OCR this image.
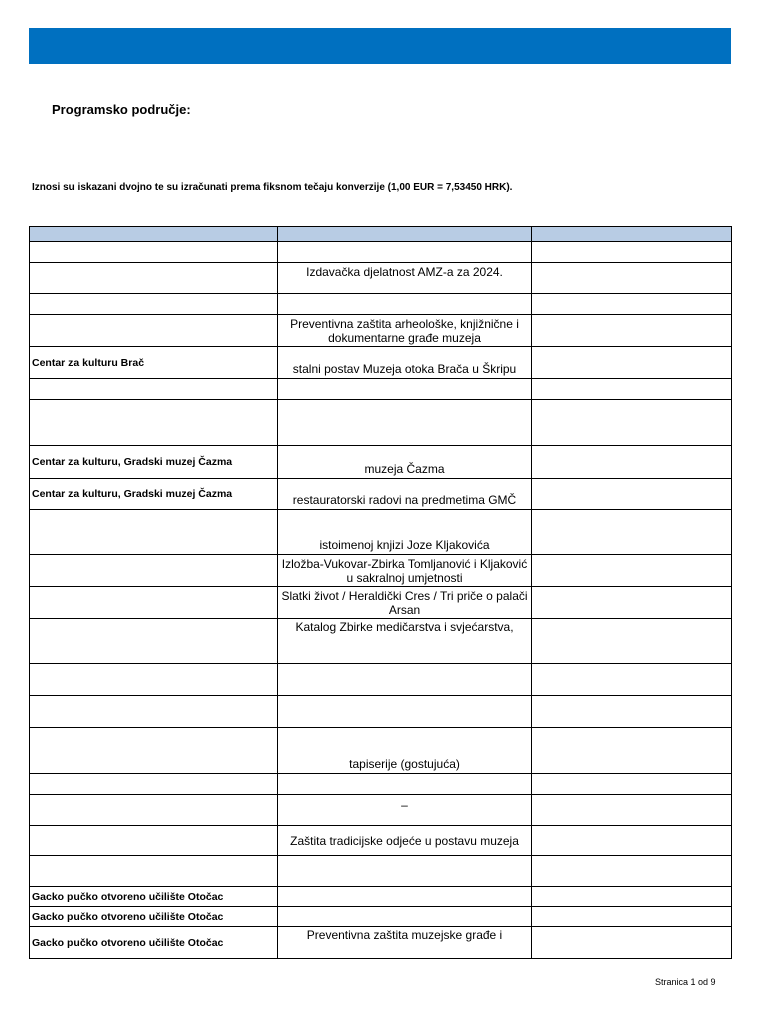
Programsko područje:
Iznosi su iskazani dvojno te su izračunati prema fiksnom tečaju konverzije (1,00 EUR = 7,53450 HRK).

	Izdavačka djelatnost AMZ-a za 2024.	

	Preventivna zaštita arheološke, knjižnične i dokumentarne građe muzeja	
Centar za kulturu Brač	stalni postav Muzeja otoka Brača u Škripu	

Centar za kulturu, Gradski muzej Čazma	muzeja Čazma	
Centar za kulturu, Gradski muzej Čazma	restauratorski radovi na predmetima GMČ	
	istoimenoj knjizi Joze Kljakovića	
	Izložba-Vukovar-Zbirka Tomljanović i Kljaković u sakralnoj umjetnosti	
	Slatki život / Heraldički Cres / Tri priče o palači Arsan	
	Katalog Zbirke medičarstva i svjećarstva,	

	tapiserije (gostujuća)	

	–	
	Zaštita tradicijske odjeće u postavu muzeja	

Gacko pučko otvoreno učilište Otočac		
Gacko pučko otvoreno učilište Otočac		
Gacko pučko otvoreno učilište Otočac	Preventivna zaštita muzejske građe i	
Stranica 1 od 9
